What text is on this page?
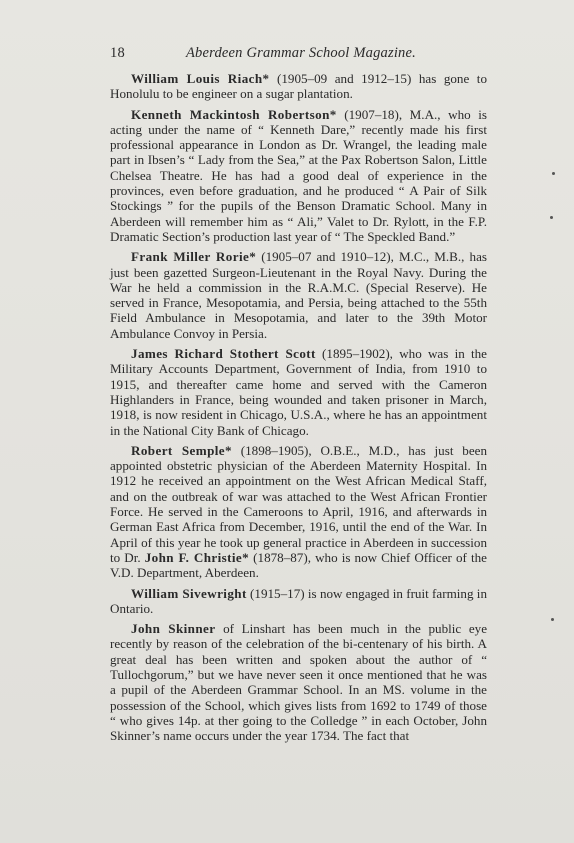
18	Aberdeen Grammar School Magazine.

William Louis Riach* (1905–09 and 1912–15) has gone to Honolulu to be engineer on a sugar plantation.

Kenneth Mackintosh Robertson* (1907–18), M.A., who is acting under the name of “ Kenneth Dare,” recently made his first professional appearance in London as Dr. Wrangel, the leading male part in Ibsen’s “ Lady from the Sea,” at the Pax Robertson Salon, Little Chelsea Theatre. He has had a good deal of experience in the provinces, even before graduation, and he produced “ A Pair of Silk Stockings ” for the pupils of the Benson Dramatic School. Many in Aberdeen will remember him as “ Ali,” Valet to Dr. Rylott, in the F.P. Dramatic Section’s production last year of “ The Speckled Band.”

Frank Miller Rorie* (1905–07 and 1910–12), M.C., M.B., has just been gazetted Surgeon-Lieutenant in the Royal Navy. During the War he held a commission in the R.A.M.C. (Special Reserve). He served in France, Mesopotamia, and Persia, being attached to the 55th Field Ambulance in Mesopotamia, and later to the 39th Motor Ambulance Convoy in Persia.

James Richard Stothert Scott (1895–1902), who was in the Military Accounts Department, Government of India, from 1910 to 1915, and thereafter came home and served with the Cameron Highlanders in France, being wounded and taken prisoner in March, 1918, is now resident in Chicago, U.S.A., where he has an appointment in the National City Bank of Chicago.

Robert Semple* (1898–1905), O.B.E., M.D., has just been appointed obstetric physician of the Aberdeen Maternity Hospital. In 1912 he received an appointment on the West African Medical Staff, and on the outbreak of war was attached to the West African Frontier Force. He served in the Cameroons to April, 1916, and afterwards in German East Africa from December, 1916, until the end of the War. In April of this year he took up general practice in Aberdeen in succession to Dr. John F. Christie* (1878–87), who is now Chief Officer of the V.D. Department, Aberdeen.

William Sivewright (1915–17) is now engaged in fruit farming in Ontario.

John Skinner of Linshart has been much in the public eye recently by reason of the celebration of the bi-centenary of his birth. A great deal has been written and spoken about the author of “ Tullochgorum,” but we have never seen it once mentioned that he was a pupil of the Aberdeen Grammar School. In an MS. volume in the possession of the School, which gives lists from 1692 to 1749 of those “ who gives 14p. at ther going to the Colledge ” in each October, John Skinner’s name occurs under the year 1734. The fact that
